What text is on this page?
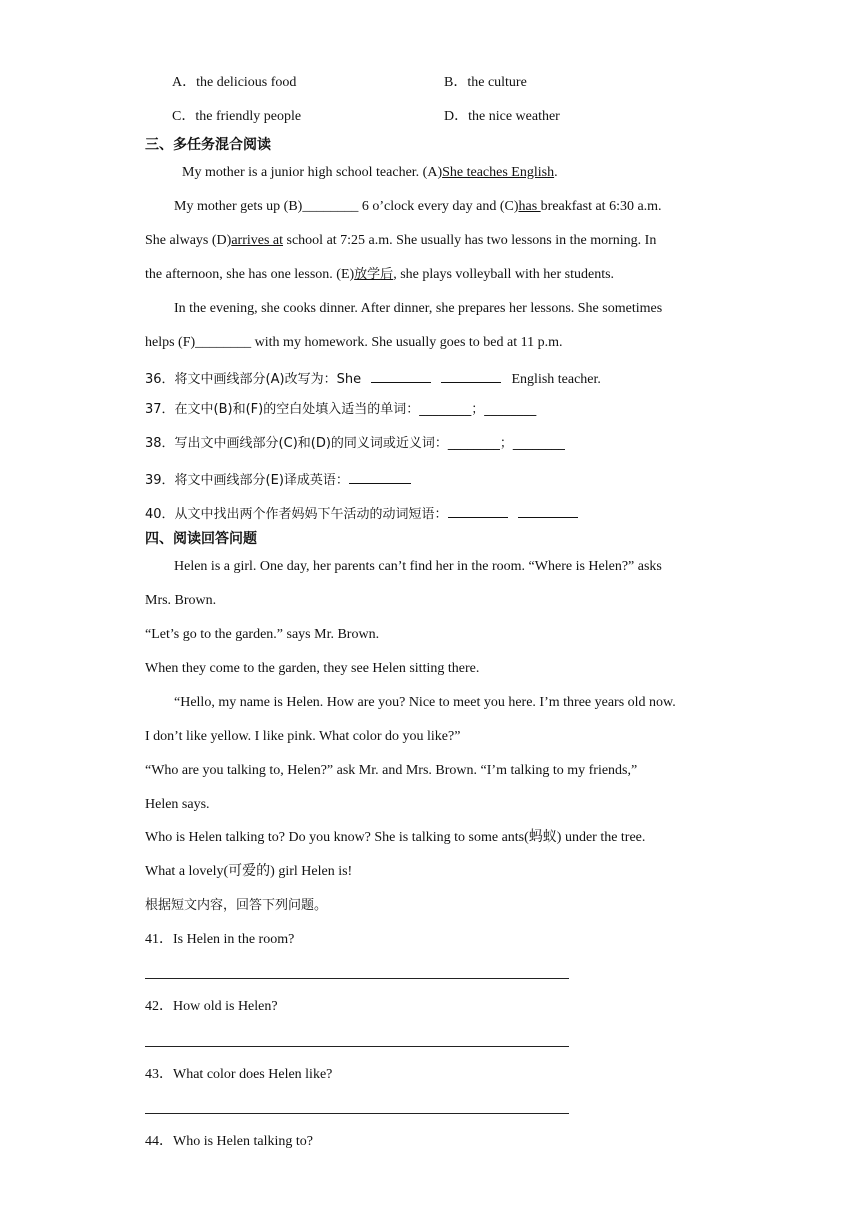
A．the delicious food	B．the culture
C．the friendly people	D．the nice weather
三、多任务混合阅读
My mother is a junior high school teacher. (A)She teaches English.
My mother gets up (B)________ 6 o’clock every day and (C)has breakfast at 6:30 a.m.
She always (D)arrives at school at 7:25 a.m. She usually has two lessons in the morning. In
the afternoon, she has one lesson. (E)放学后, she plays volleyball with her students.
In the evening, she cooks dinner. After dinner, she prepares her lessons. She sometimes
helps (F)________ with my homework. She usually goes to bed at 11 p.m.
36．将文中画线部分(A)改写为：She	English teacher.
37．在文中(B)和(F)的空白处填入适当的单词：________；________
38．写出文中画线部分(C)和(D)的同义词或近义词：________；________
39．将文中画线部分(E)译成英语：
40．从文中找出两个作者妈妈下午活动的动词短语：
四、阅读回答问题
Helen is a girl. One day, her parents can’t find her in the room. “Where is Helen?” asks
Mrs. Brown.
“Let’s go to the garden.” says Mr. Brown.
When they come to the garden, they see Helen sitting there.
“Hello, my name is Helen. How are you? Nice to meet you here. I’m three years old now.
I don’t like yellow. I like pink. What color do you like?”
“Who are you talking to, Helen?” ask Mr. and Mrs. Brown. “I’m talking to my friends,”
Helen says.
Who is Helen talking to? Do you know? She is talking to some ants(蚂蚁) under the tree.
What a lovely(可爱的) girl Helen is!
根据短文内容，回答下列问题。
41．Is Helen in the room?
42．How old is Helen?
43．What color does Helen like?
44．Who is Helen talking to?
